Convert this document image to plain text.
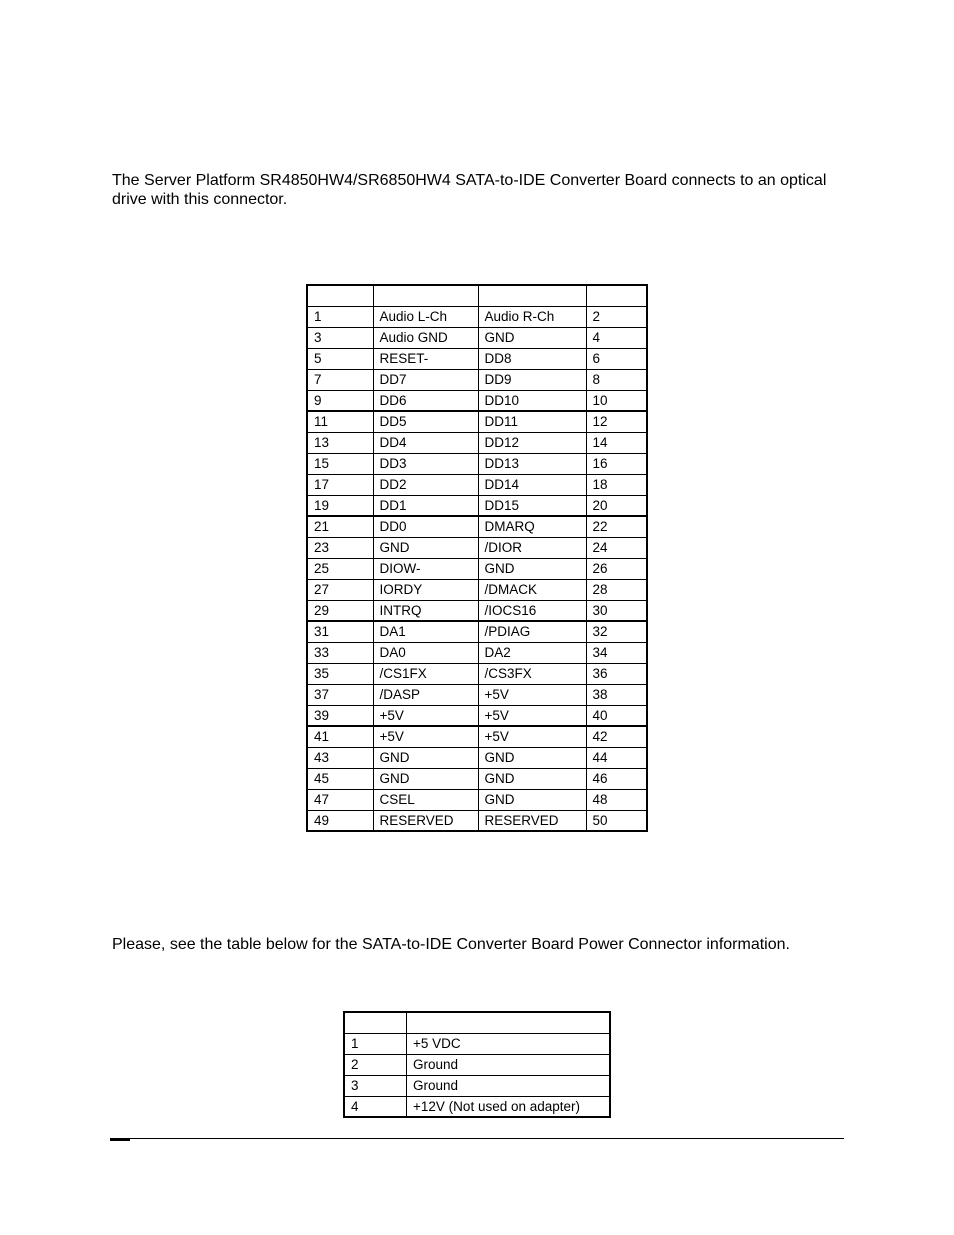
The Server Platform SR4850HW4/SR6850HW4 SATA-to-IDE Converter Board connects to an optical drive with this connector.

1	Audio L-Ch	Audio R-Ch	2
3	Audio GND	GND	4
5	RESET-	DD8	6
7	DD7	DD9	8
9	DD6	DD10	10
11	DD5	DD11	12
13	DD4	DD12	14
15	DD3	DD13	16
17	DD2	DD14	18
19	DD1	DD15	20
21	DD0	DMARQ	22
23	GND	/DIOR	24
25	DIOW-	GND	26
27	IORDY	/DMACK	28
29	INTRQ	/IOCS16	30
31	DA1	/PDIAG	32
33	DA0	DA2	34
35	/CS1FX	/CS3FX	36
37	/DASP	+5V	38
39	+5V	+5V	40
41	+5V	+5V	42
43	GND	GND	44
45	GND	GND	46
47	CSEL	GND	48
49	RESERVED	RESERVED	50

Please, see the table below for the SATA-to-IDE Converter Board Power Connector information.

1	+5 VDC
2	Ground
3	Ground
4	+12V (Not used on adapter)
